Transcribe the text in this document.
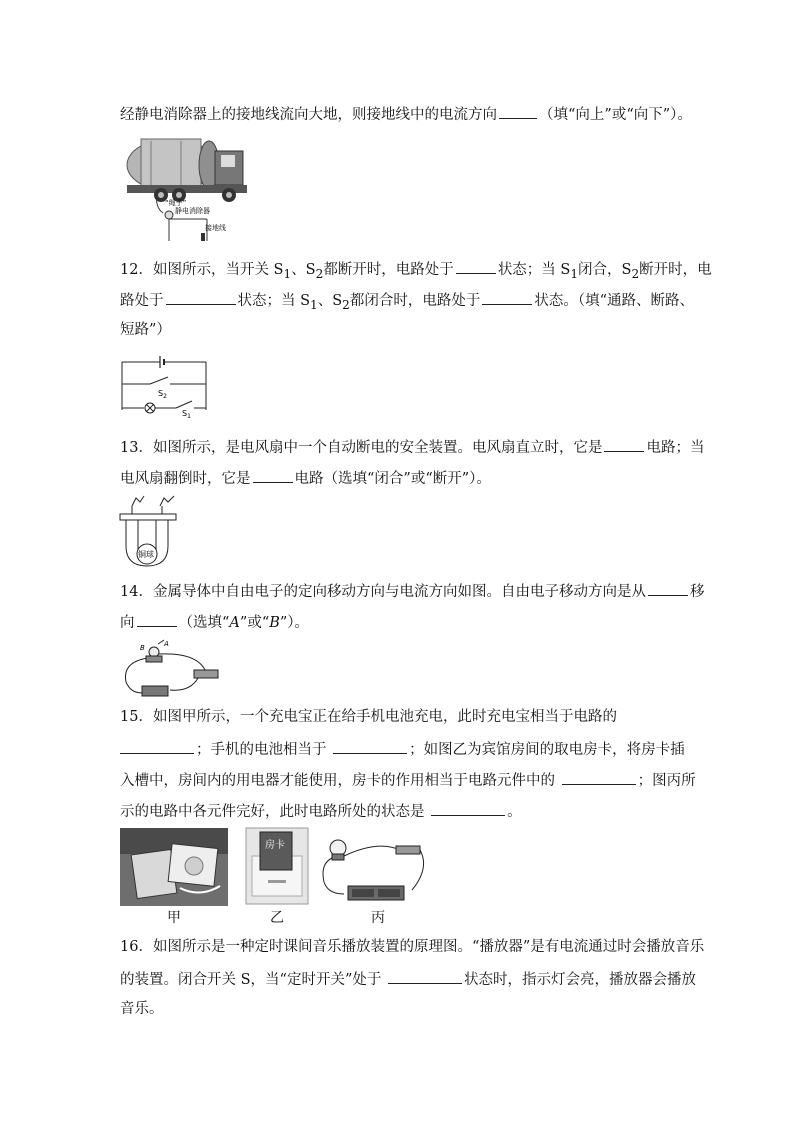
经静电消除器上的接地线流向大地，则接地线中的电流方向	（填“向上”或“向下”）。
“绳子”
静电消除器
接地线
12．如图所示，当开关 $S_1$、$S_2$都断开时，电路处于	状态；当 $S_1$闭合，$S_2$断开时，电
路处于	状态；当 $S_1$、$S_2$都闭合时，电路处于	状态。（填“通路、断路、
短路”）
$S_2$
$S_1$
13．如图所示，是电风扇中一个自动断电的安全装置。电风扇直立时，它是	电路；当
电风扇翻倒时，它是	电路（选填“闭合”或“断开”）。
铜球
14．金属导体中自由电子的定向移动方向与电流方向如图。自由电子移动方向是从	移
向	（选填“A”或“B”）。
B	A
15．如图甲所示，一个充电宝正在给手机电池充电，此时充电宝相当于电路的
；手机的电池相当于	；如图乙为宾馆房间的取电房卡，将房卡插
入槽中，房间内的用电器才能使用，房卡的作用相当于电路元件中的	；图丙所
示的电路中各元件完好，此时电路所处的状态是	。
甲
房卡
乙	丙
16．如图所示是一种定时课间音乐播放装置的原理图。“播放器”是有电流通过时会播放音乐
的装置。闭合开关 S，当“定时开关”处于	状态时，指示灯会亮，播放器会播放
音乐。
